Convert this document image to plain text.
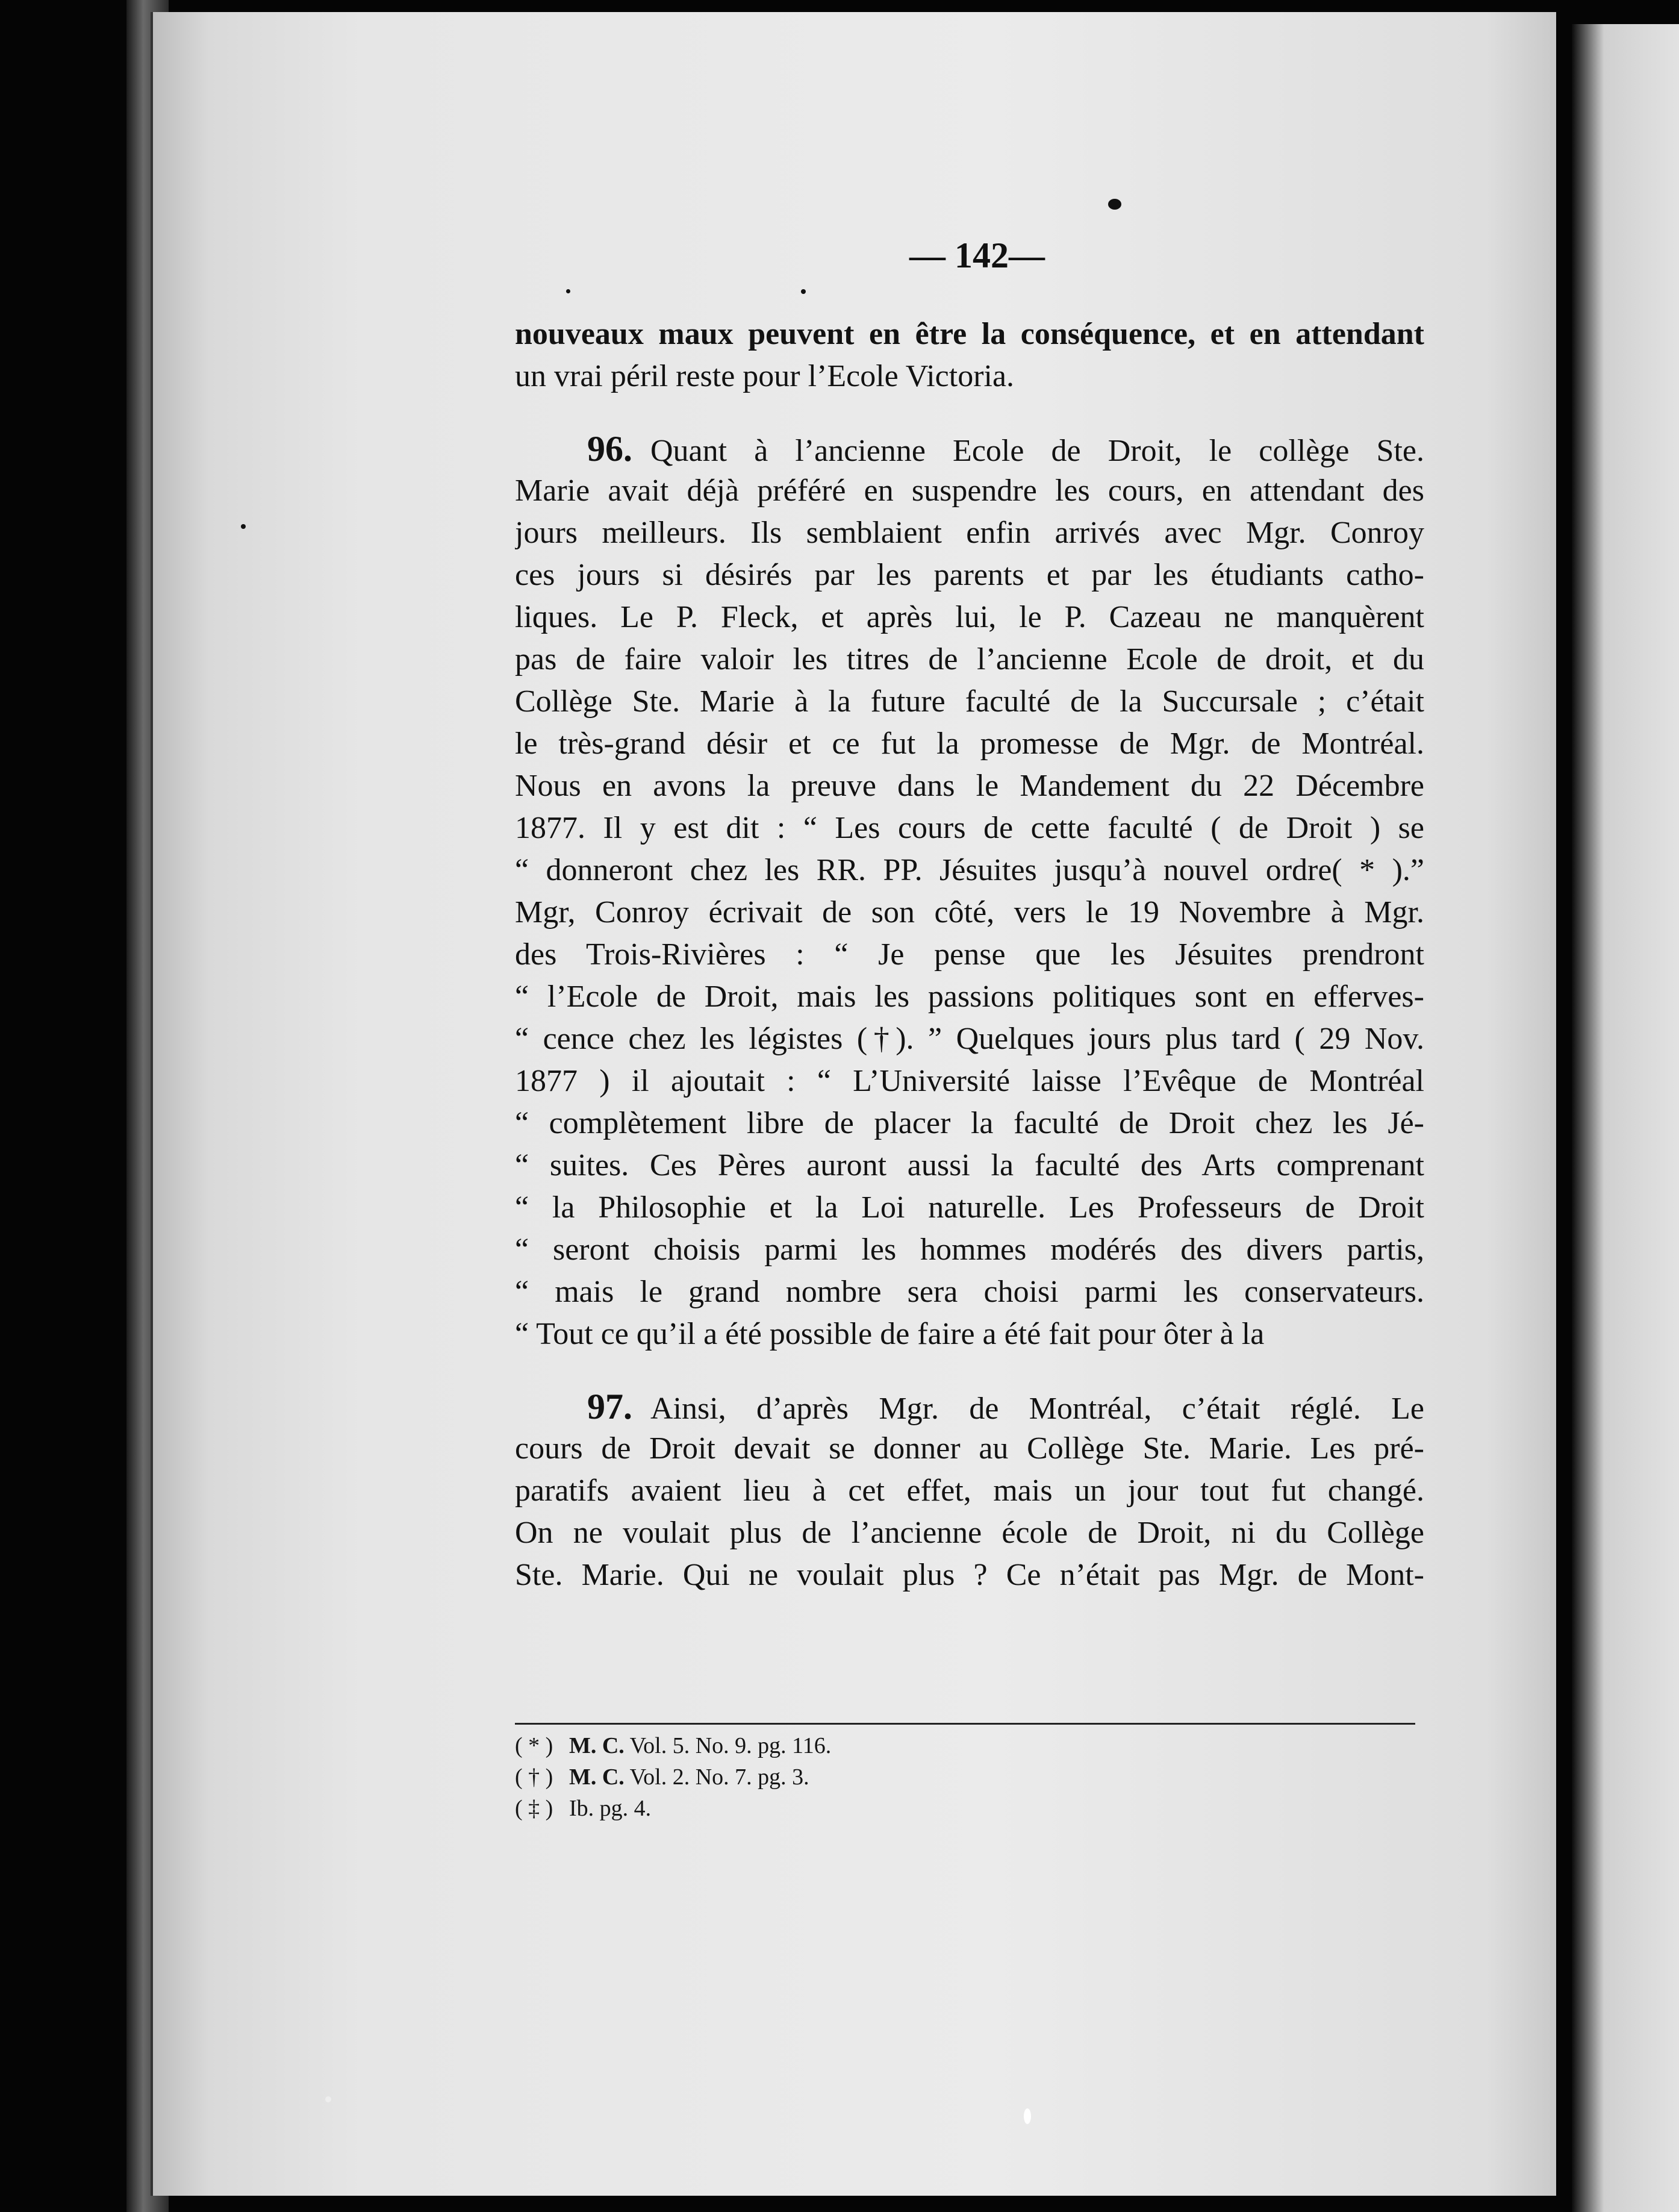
— 142—
nouveaux maux peuvent en être la conséquence, et en attendant
un vrai péril reste pour l’Ecole Victoria.
96. Quant à l’ancienne Ecole de Droit, le collège Ste.
Marie avait déjà préféré en suspendre les cours, en attendant des
jours meilleurs. Ils semblaient enfin arrivés avec Mgr. Conroy
ces jours si désirés par les parents et par les étudiants catho-
liques. Le P. Fleck, et après lui, le P. Cazeau ne manquèrent
pas de faire valoir les titres de l’ancienne Ecole de droit, et du
Collège Ste. Marie à la future faculté de la Succursale ; c’était
le très-grand désir et ce fut la promesse de Mgr. de Montréal.
Nous en avons la preuve dans le Mandement du 22 Décembre
1877. Il y est dit : “ Les cours de cette faculté ( de Droit ) se
“ donneront chez les RR. PP. Jésuites jusqu’à nouvel ordre( * ).”
Mgr, Conroy écrivait de son côté, vers le 19 Novembre à Mgr.
des Trois-Rivières : “ Je pense que les Jésuites prendront
“ l’Ecole de Droit, mais les passions politiques sont en efferves-
“ cence chez les légistes (†). ” Quelques jours plus tard ( 29 Nov.
1877 ) il ajoutait : “ L’Université laisse l’Evêque de Montréal
“ complètement libre de placer la faculté de Droit chez les Jé-
“ suites. Ces Pères auront aussi la faculté des Arts comprenant
“ la Philosophie et la Loi naturelle. Les Professeurs de Droit
“ seront choisis parmi les hommes modérés des divers partis,
“ mais le grand nombre sera choisi parmi les conservateurs.
“ Tout ce qu’il a été possible de faire a été fait pour ôter à la
97. Ainsi, d’après Mgr. de Montréal, c’était réglé. Le
cours de Droit devait se donner au Collège Ste. Marie. Les pré-
paratifs avaient lieu à cet effet, mais un jour tout fut changé.
On ne voulait plus de l’ancienne école de Droit, ni du Collège
Ste. Marie. Qui ne voulait plus ? Ce n’était pas Mgr. de Mont-
( * ) M. C. Vol. 5. No. 9. pg. 116.
( † ) M. C. Vol. 2. No. 7. pg. 3.
( ‡ ) Ib. pg. 4.
